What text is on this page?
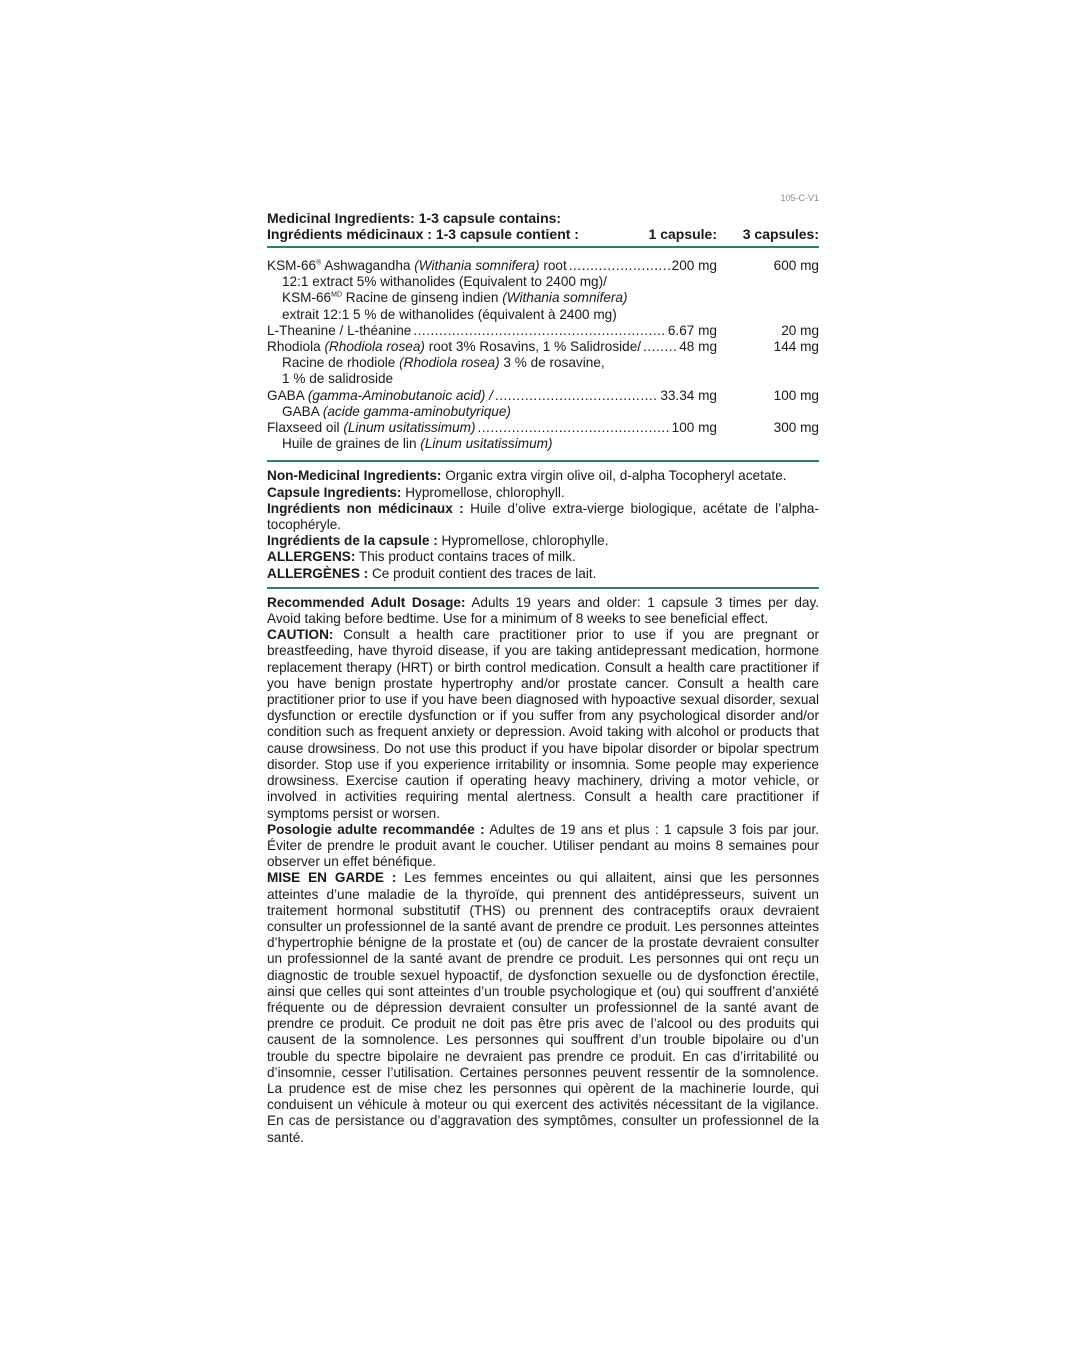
105-C-V1
Medicinal Ingredients: 1-3 capsule contains:
Ingrédients médicinaux : 1-3 capsule contient :	1 capsule:	3 capsules:
KSM-66® Ashwagandha (Withania somnifera) root .....	200 mg	600 mg
12:1 extract 5% withanolides (Equivalent to 2400 mg)/
KSM-$66^{MD}$ Racine de ginseng indien (Withania somnifera)
extrait 12:1 5 % de withanolides (équivalent à 2400 mg)
L-Theanine / L-théanine .....	6.67 mg	20 mg
Rhodiola (Rhodiola rosea) root 3% Rosavins, 1 % Salidroside/ .....	48 mg	144 mg
Racine de rhodiole (Rhodiola rosea) 3 % de rosavine,
1 % de salidroside
GABA (gamma-Aminobutanoic acid) / .....	33.34 mg	100 mg
GABA (acide gamma-aminobutyrique)
Flaxseed oil (Linum usitatissimum) .....	100 mg	300 mg
Huile de graines de lin (Linum usitatissimum)

Non-Medicinal Ingredients: Organic extra virgin olive oil, d-alpha Tocopheryl acetate.

Capsule Ingredients: Hypromellose, chlorophyll.

Ingrédients non médicinaux : Huile d’olive extra-vierge biologique, acétate de l’alpha-tocophéryle.

Ingrédients de la capsule : Hypromellose, chlorophylle.

ALLERGENS: This product contains traces of milk.

ALLERGÈNES : Ce produit contient des traces de lait.

Recommended Adult Dosage: Adults 19 years and older: 1 capsule 3 times per day. Avoid taking before bedtime. Use for a minimum of 8 weeks to see beneficial effect.

CAUTION: Consult a health care practitioner prior to use if you are pregnant or breastfeeding, have thyroid disease, if you are taking antidepressant medication, hormone replacement therapy (HRT) or birth control medication. Consult a health care practitioner if you have benign prostate hypertrophy and/or prostate cancer. Consult a health care practitioner prior to use if you have been diagnosed with hypoactive sexual disorder, sexual dysfunction or erectile dysfunction or if you suffer from any psychological disorder and/or condition such as frequent anxiety or depression. Avoid taking with alcohol or products that cause drowsiness. Do not use this product if you have bipolar disorder or bipolar spectrum disorder. Stop use if you experience irritability or insomnia. Some people may experience drowsiness. Exercise caution if operating heavy machinery, driving a motor vehicle, or involved in activities requiring mental alertness. Consult a health care practitioner if symptoms persist or worsen.

Posologie adulte recommandée : Adultes de 19 ans et plus : 1 capsule 3 fois par jour. Éviter de prendre le produit avant le coucher. Utiliser pendant au moins 8 semaines pour observer un effet bénéfique.

MISE EN GARDE : Les femmes enceintes ou qui allaitent, ainsi que les personnes atteintes d’une maladie de la thyroïde, qui prennent des antidépresseurs, suivent un traitement hormonal substitutif (THS) ou prennent des contraceptifs oraux devraient consulter un professionnel de la santé avant de prendre ce produit. Les personnes atteintes d’hypertrophie bénigne de la prostate et (ou) de cancer de la prostate devraient consulter un professionnel de la santé avant de prendre ce produit. Les personnes qui ont reçu un diagnostic de trouble sexuel hypoactif, de dysfonction sexuelle ou de dysfonction érectile, ainsi que celles qui sont atteintes d’un trouble psychologique et (ou) qui souffrent d’anxiété fréquente ou de dépression devraient consulter un professionnel de la santé avant de prendre ce produit. Ce produit ne doit pas être pris avec de l’alcool ou des produits qui causent de la somnolence. Les personnes qui souffrent d’un trouble bipolaire ou d’un trouble du spectre bipolaire ne devraient pas prendre ce produit. En cas d’irritabilité ou d’insomnie, cesser l’utilisation. Certaines personnes peuvent ressentir de la somnolence. La prudence est de mise chez les personnes qui opèrent de la machinerie lourde, qui conduisent un véhicule à moteur ou qui exercent des activités nécessitant de la vigilance. En cas de persistance ou d’aggravation des symptômes, consulter un professionnel de la santé.
